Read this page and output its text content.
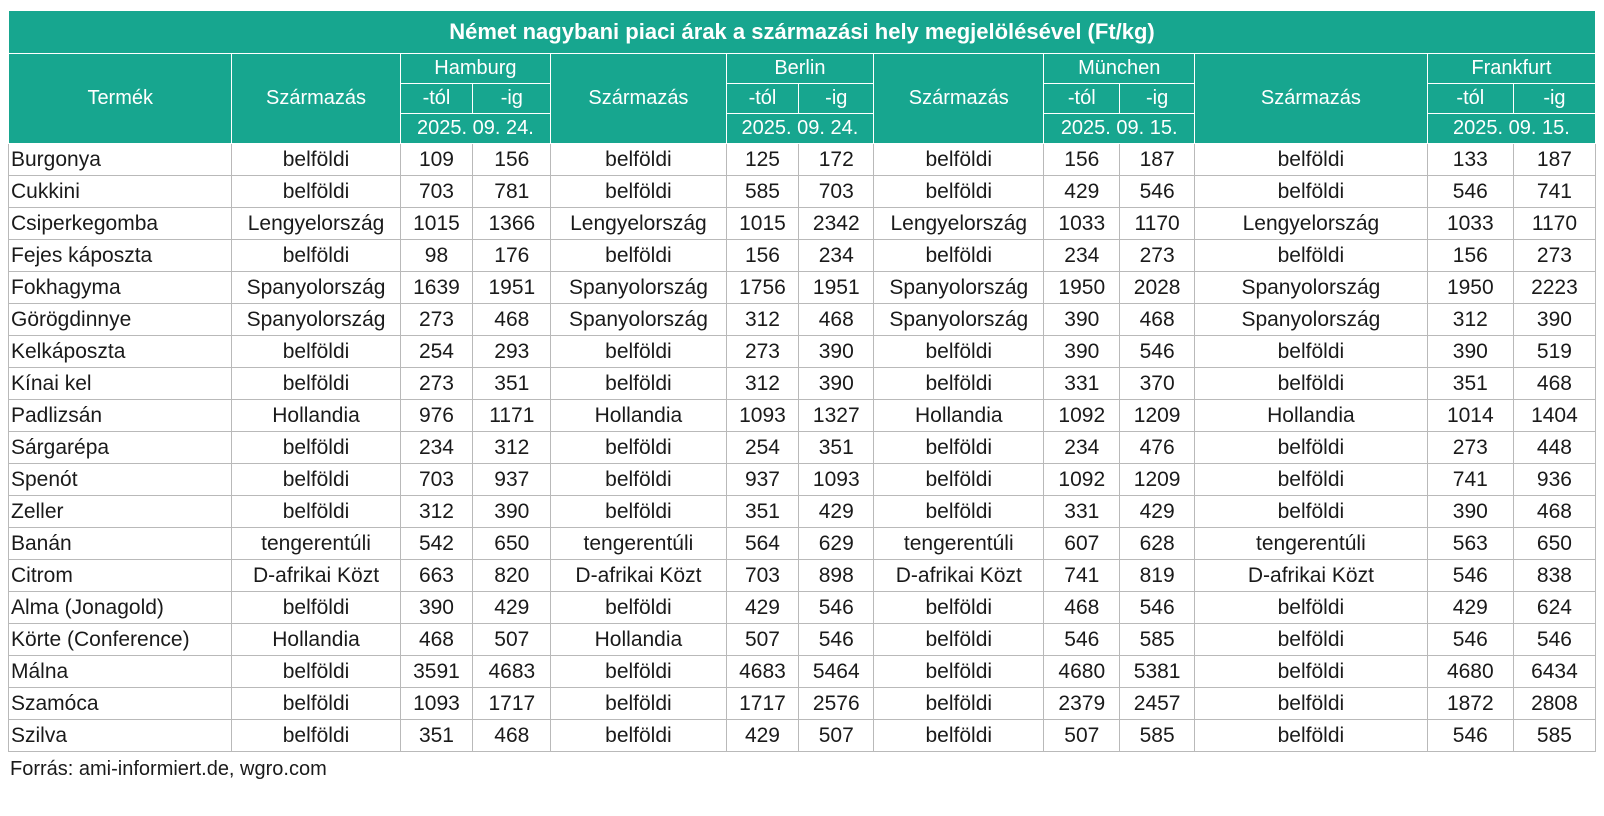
Német nagybani piaci árak a származási hely megjelölésével (Ft/kg)												
Termék	Származás	Hamburg		Származás	Berlin		Származás	München		Származás	Frankfurt	
		-tól	-ig		-tól	-ig		-tól	-ig		-tól	-ig
		2025. 09. 24.			2025. 09. 24.			2025. 09. 15.			2025. 09. 15.	
Burgonya	belföldi	109	156	belföldi	125	172	belföldi	156	187	belföldi	133	187
Cukkini	belföldi	703	781	belföldi	585	703	belföldi	429	546	belföldi	546	741
Csiperkegomba	Lengyelország	1015	1366	Lengyelország	1015	2342	Lengyelország	1033	1170	Lengyelország	1033	1170
Fejes káposzta	belföldi	98	176	belföldi	156	234	belföldi	234	273	belföldi	156	273
Fokhagyma	Spanyolország	1639	1951	Spanyolország	1756	1951	Spanyolország	1950	2028	Spanyolország	1950	2223
Görögdinnye	Spanyolország	273	468	Spanyolország	312	468	Spanyolország	390	468	Spanyolország	312	390
Kelkáposzta	belföldi	254	293	belföldi	273	390	belföldi	390	546	belföldi	390	519
Kínai kel	belföldi	273	351	belföldi	312	390	belföldi	331	370	belföldi	351	468
Padlizsán	Hollandia	976	1171	Hollandia	1093	1327	Hollandia	1092	1209	Hollandia	1014	1404
Sárgarépa	belföldi	234	312	belföldi	254	351	belföldi	234	476	belföldi	273	448
Spenót	belföldi	703	937	belföldi	937	1093	belföldi	1092	1209	belföldi	741	936
Zeller	belföldi	312	390	belföldi	351	429	belföldi	331	429	belföldi	390	468
Banán	tengerentúli	542	650	tengerentúli	564	629	tengerentúli	607	628	tengerentúli	563	650
Citrom	D-afrikai Közt	663	820	D-afrikai Közt	703	898	D-afrikai Közt	741	819	D-afrikai Közt	546	838
Alma (Jonagold)	belföldi	390	429	belföldi	429	546	belföldi	468	546	belföldi	429	624
Körte (Conference)	Hollandia	468	507	Hollandia	507	546	belföldi	546	585	belföldi	546	546
Málna	belföldi	3591	4683	belföldi	4683	5464	belföldi	4680	5381	belföldi	4680	6434
Szamóca	belföldi	1093	1717	belföldi	1717	2576	belföldi	2379	2457	belföldi	1872	2808
Szilva	belföldi	351	468	belföldi	429	507	belföldi	507	585	belföldi	546	585
Forrás: ami-informiert.de, wgro.com
